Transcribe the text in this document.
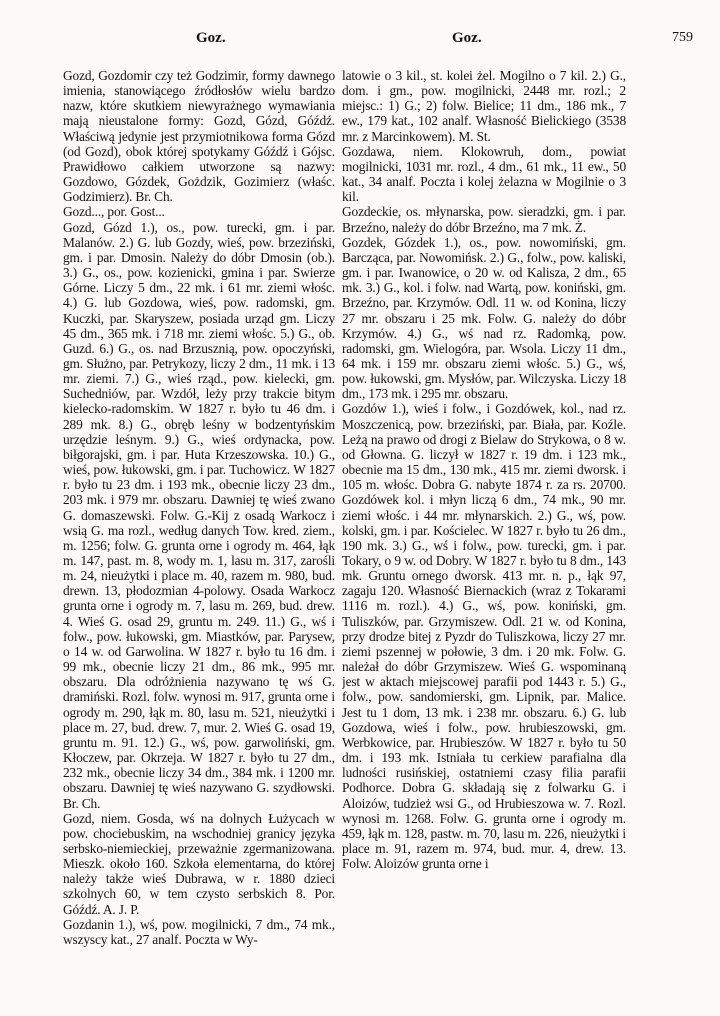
Goz.	Goz.	759

Gozd, Gozdomir czy też Godzimir, formy dawnego imienia, stanowiącego źródłosłów wielu bardzo nazw, które skutkiem niewyrażnego wymawiania mają nieustalone formy: Gozd, Gózd, Góźdź. Właściwą jedynie jest przymiotnikowa forma Gózd (od Gozd), obok której spotykamy Góźdź i Gójsc. Prawidłowo całkiem utworzone są nazwy: Gozdowo, Gózdek, Gożdzik, Gozimierz (właśc. Godzimierz). Br. Ch.

Gozd..., por. Gost...

Gozd, Gózd 1.), os., pow. turecki, gm. i par. Malanów. 2.) G. lub Gozdy, wieś, pow. brzeziński, gm. i par. Dmosin. Należy do dóbr Dmosin (ob.). 3.) G., os., pow. kozienicki, gmina i par. Swierze Górne. Liczy 5 dm., 22 mk. i 61 mr. ziemi włośc. 4.) G. lub Gozdowa, wieś, pow. radomski, gm. Kuczki, par. Skaryszew, posiada urząd gm. Liczy 45 dm., 365 mk. i 718 mr. ziemi włośc. 5.) G., ob. Guzd. 6.) G., os. nad Brzusznią, pow. opoczyński, gm. Służno, par. Petrykozy, liczy 2 dm., 11 mk. i 13 mr. ziemi. 7.) G., wieś rząd., pow. kielecki, gm. Suchedniów, par. Wzdół, leży przy trakcie bitym kielecko-radomskim. W 1827 r. było tu 46 dm. i 289 mk. 8.) G., obręb leśny w bodzentyńskim urzędzie leśnym. 9.) G., wieś ordynacka, pow. biłgorajski, gm. i par. Huta Krzeszowska. 10.) G., wieś, pow. łukowski, gm. i par. Tuchowicz. W 1827 r. było tu 23 dm. i 193 mk., obecnie liczy 23 dm., 203 mk. i 979 mr. obszaru. Dawniej tę wieś zwano G. domaszewski. Folw. G.-Kij z osadą Warkocz i wsią G. ma rozl., według danych Tow. kred. ziem., m. 1256; folw. G. grunta orne i ogrody m. 464, łąk m. 147, past. m. 8, wody m. 1, lasu m. 317, zarośli m. 24, nieużytki i place m. 40, razem m. 980, bud. drewn. 13, płodozmian 4-polowy. Osada Warkocz grunta orne i ogrody m. 7, lasu m. 269, bud. drew. 4. Wieś G. osad 29, gruntu m. 249. 11.) G., wś i folw., pow. łukowski, gm. Miastków, par. Parysew, o 14 w. od Garwolina. W 1827 r. było tu 16 dm. i 99 mk., obecnie liczy 21 dm., 86 mk., 995 mr. obszaru. Dla odróżnienia nazywano tę wś G. dramiński. Rozl. folw. wynosi m. 917, grunta orne i ogrody m. 290, łąk m. 80, lasu m. 521, nieużytki i place m. 27, bud. drew. 7, mur. 2. Wieś G. osad 19, gruntu m. 91. 12.) G., wś, pow. garwoliński, gm. Kłoczew, par. Okrzeja. W 1827 r. było tu 27 dm., 232 mk., obecnie liczy 34 dm., 384 mk. i 1200 mr. obszaru. Dawniej tę wieś nazywano G. szydłowski. Br. Ch.

Gozd, niem. Gosda, wś na dolnych Łużycach w pow. chociebuskim, na wschodniej granicy języka serbsko-niemieckiej, przeważnie zgermanizowana. Mieszk. około 160. Szkoła elementarna, do której należy także wieś Dubrawa, w r. 1880 dzieci szkolnych 60, w tem czysto serbskich 8. Por. Góźdź. A. J. P.

Gozdanin 1.), wś, pow. mogilnicki, 7 dm., 74 mk., wszyscy kat., 27 analf. Poczta w Wy-

latowie o 3 kil., st. kolei żel. Mogilno o 7 kil. 2.) G., dom. i gm., pow. mogilnicki, 2448 mr. rozl.; 2 miejsc.: 1) G.; 2) folw. Bielice; 11 dm., 186 mk., 7 ew., 179 kat., 102 analf. Własność Bielickiego (3538 mr. z Marcinkowem). M. St.

Gozdawa, niem. Klokowruh, dom., powiat mogilnicki, 1031 mr. rozl., 4 dm., 61 mk., 11 ew., 50 kat., 34 analf. Poczta i kolej żelazna w Mogilnie o 3 kil.

Gozdeckie, os. młynarska, pow. sieradzki, gm. i par. Brzeźno, należy do dóbr Brzeźno, ma 7 mk. Ż.

Gozdek, Gózdek 1.), os., pow. nowomiński, gm. Barcząca, par. Nowomińsk. 2.) G., folw., pow. kaliski, gm. i par. Iwanowice, o 20 w. od Kalisza, 2 dm., 65 mk. 3.) G., kol. i folw. nad Wartą, pow. koniński, gm. Brzeźno, par. Krzymów. Odl. 11 w. od Konina, liczy 27 mr. obszaru i 25 mk. Folw. G. należy do dóbr Krzymów. 4.) G., wś nad rz. Radomką, pow. radomski, gm. Wielogóra, par. Wsola. Liczy 11 dm., 64 mk. i 159 mr. obszaru ziemi włośc. 5.) G., wś, pow. łukowski, gm. Mysłów, par. Wilczyska. Liczy 18 dm., 173 mk. i 295 mr. obszaru.

Gozdów 1.), wieś i folw., i Gozdówek, kol., nad rz. Moszczenicą, pow. brzeziński, par. Biała, par. Koźle. Leżą na prawo od drogi z Bielaw do Strykowa, o 8 w. od Głowna. G. liczył w 1827 r. 19 dm. i 123 mk., obecnie ma 15 dm., 130 mk., 415 mr. ziemi dworsk. i 105 m. włośc. Dobra G. nabyte 1874 r. za rs. 20700. Gozdówek kol. i młyn liczą 6 dm., 74 mk., 90 mr. ziemi włośc. i 44 mr. młynarskich. 2.) G., wś, pow. kolski, gm. i par. Kościelec. W 1827 r. było tu 26 dm., 190 mk. 3.) G., wś i folw., pow. turecki, gm. i par. Tokary, o 9 w. od Dobry. W 1827 r. było tu 8 dm., 143 mk. Gruntu ornego dworsk. 413 mr. n. p., łąk 97, zagaju 120. Własność Biernackich (wraz z Tokarami 1116 m. rozl.). 4.) G., wś, pow. koniński, gm. Tuliszków, par. Grzymiszew. Odl. 21 w. od Konina, przy drodze bitej z Pyzdr do Tuliszkowa, liczy 27 mr. ziemi pszennej w połowie, 3 dm. i 20 mk. Folw. G. należał do dóbr Grzymiszew. Wieś G. wspominaną jest w aktach miejscowej parafii pod 1443 r. 5.) G., folw., pow. sandomierski, gm. Lipnik, par. Malice. Jest tu 1 dom, 13 mk. i 238 mr. obszaru. 6.) G. lub Gozdowa, wieś i folw., pow. hrubieszowski, gm. Werbkowice, par. Hrubieszów. W 1827 r. było tu 50 dm. i 193 mk. Istniała tu cerkiew parafialna dla ludności rusińskiej, ostatniemi czasy filia parafii Podhorce. Dobra G. składają się z folwarku G. i Aloizów, tudzież wsi G., od Hrubieszowa w. 7. Rozl. wynosi m. 1268. Folw. G. grunta orne i ogrody m. 459, łąk m. 128, pastw. m. 70, lasu m. 226, nieużytki i place m. 91, razem m. 974, bud. mur. 4, drew. 13. Folw. Aloizów grunta orne i
